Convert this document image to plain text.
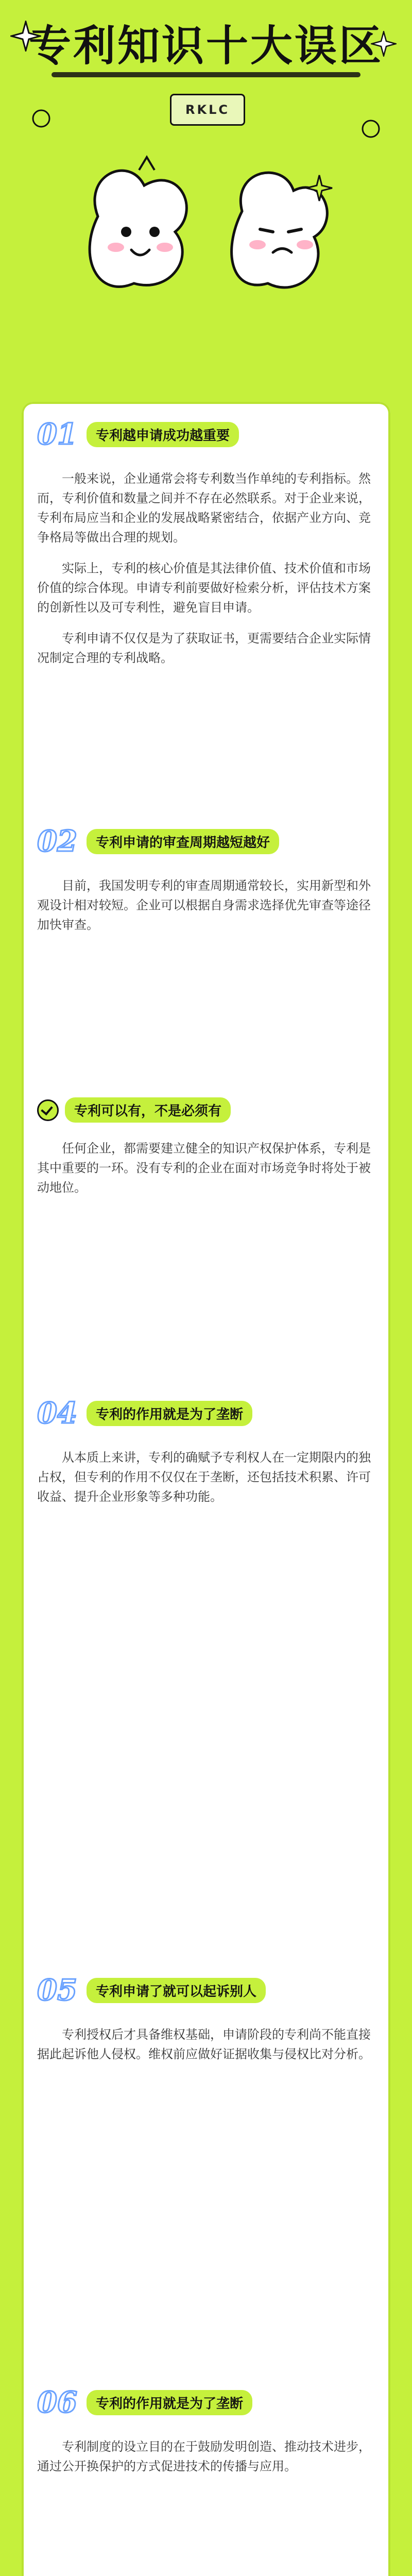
专利知识十大误区
RKLC
01	专利越申请成功越重要

一般来说，企业通常会将专利数当作单纯的专利指标。然而，专利价值和数量之间并不存在必然联系。对于企业来说，专利布局应当和企业的发展战略紧密结合，依据产业方向、竞争格局等做出合理的规划。

实际上，专利的核心价值是其法律价值、技术价值和市场价值的综合体现。申请专利前要做好检索分析，评估技术方案的创新性以及可专利性，避免盲目申请。

专利申请不仅仅是为了获取证书，更需要结合企业实际情况制定合理的专利战略。

02	专利申请的审查周期越短越好

目前，我国发明专利的审查周期通常较长，实用新型和外观设计相对较短。企业可以根据自身需求选择优先审查等途径加快审查。

专利可以有，不是必须有

任何企业，都需要建立健全的知识产权保护体系，专利是其中重要的一环。没有专利的企业在面对市场竞争时将处于被动地位。

04	专利的作用就是为了垄断

从本质上来讲，专利的确赋予专利权人在一定期限内的独占权，但专利的作用不仅仅在于垄断，还包括技术积累、许可收益、提升企业形象等多种功能。

05	专利申请了就可以起诉别人

专利授权后才具备维权基础，申请阶段的专利尚不能直接据此起诉他人侵权。维权前应做好证据收集与侵权比对分析。

06	专利的作用就是为了垄断

专利制度的设立目的在于鼓励发明创造、推动技术进步，通过公开换保护的方式促进技术的传播与应用。
